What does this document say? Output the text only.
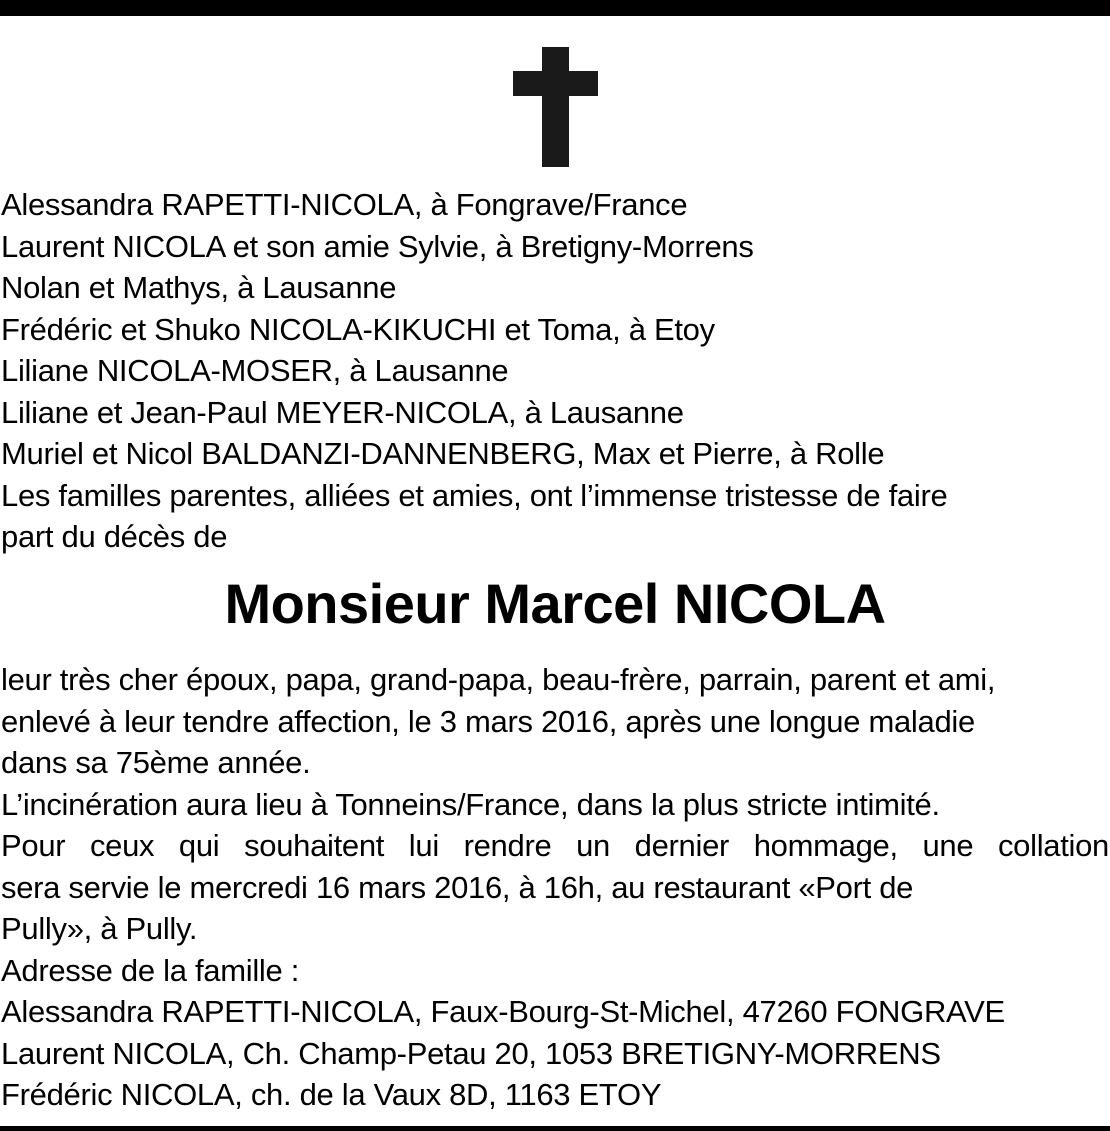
Alessandra RAPETTI-NICOLA, à Fongrave/France
Laurent NICOLA et son amie Sylvie, à Bretigny-Morrens
Nolan et Mathys, à Lausanne
Frédéric et Shuko NICOLA-KIKUCHI et Toma, à Etoy
Liliane NICOLA-MOSER, à Lausanne
Liliane et Jean-Paul MEYER-NICOLA, à Lausanne
Muriel et Nicol BALDANZI-DANNENBERG, Max et Pierre, à Rolle
Les familles parentes, alliées et amies, ont l’immense tristesse de faire
part du décès de
Monsieur Marcel NICOLA
leur très cher époux, papa, grand-papa, beau-frère, parrain, parent et ami,
enlevé à leur tendre affection, le 3 mars 2016, après une longue maladie
dans sa 75ème année.
L’incinération aura lieu à Tonneins/France, dans la plus stricte intimité.
Pour ceux qui souhaitent lui rendre un dernier hommage, une collation
sera servie le mercredi 16 mars 2016, à 16h, au restaurant «Port de
Pully», à Pully.
Adresse de la famille :
Alessandra RAPETTI-NICOLA, Faux-Bourg-St-Michel, 47260 FONGRAVE
Laurent NICOLA, Ch. Champ-Petau 20, 1053 BRETIGNY-MORRENS
Frédéric NICOLA, ch. de la Vaux 8D, 1163 ETOY
